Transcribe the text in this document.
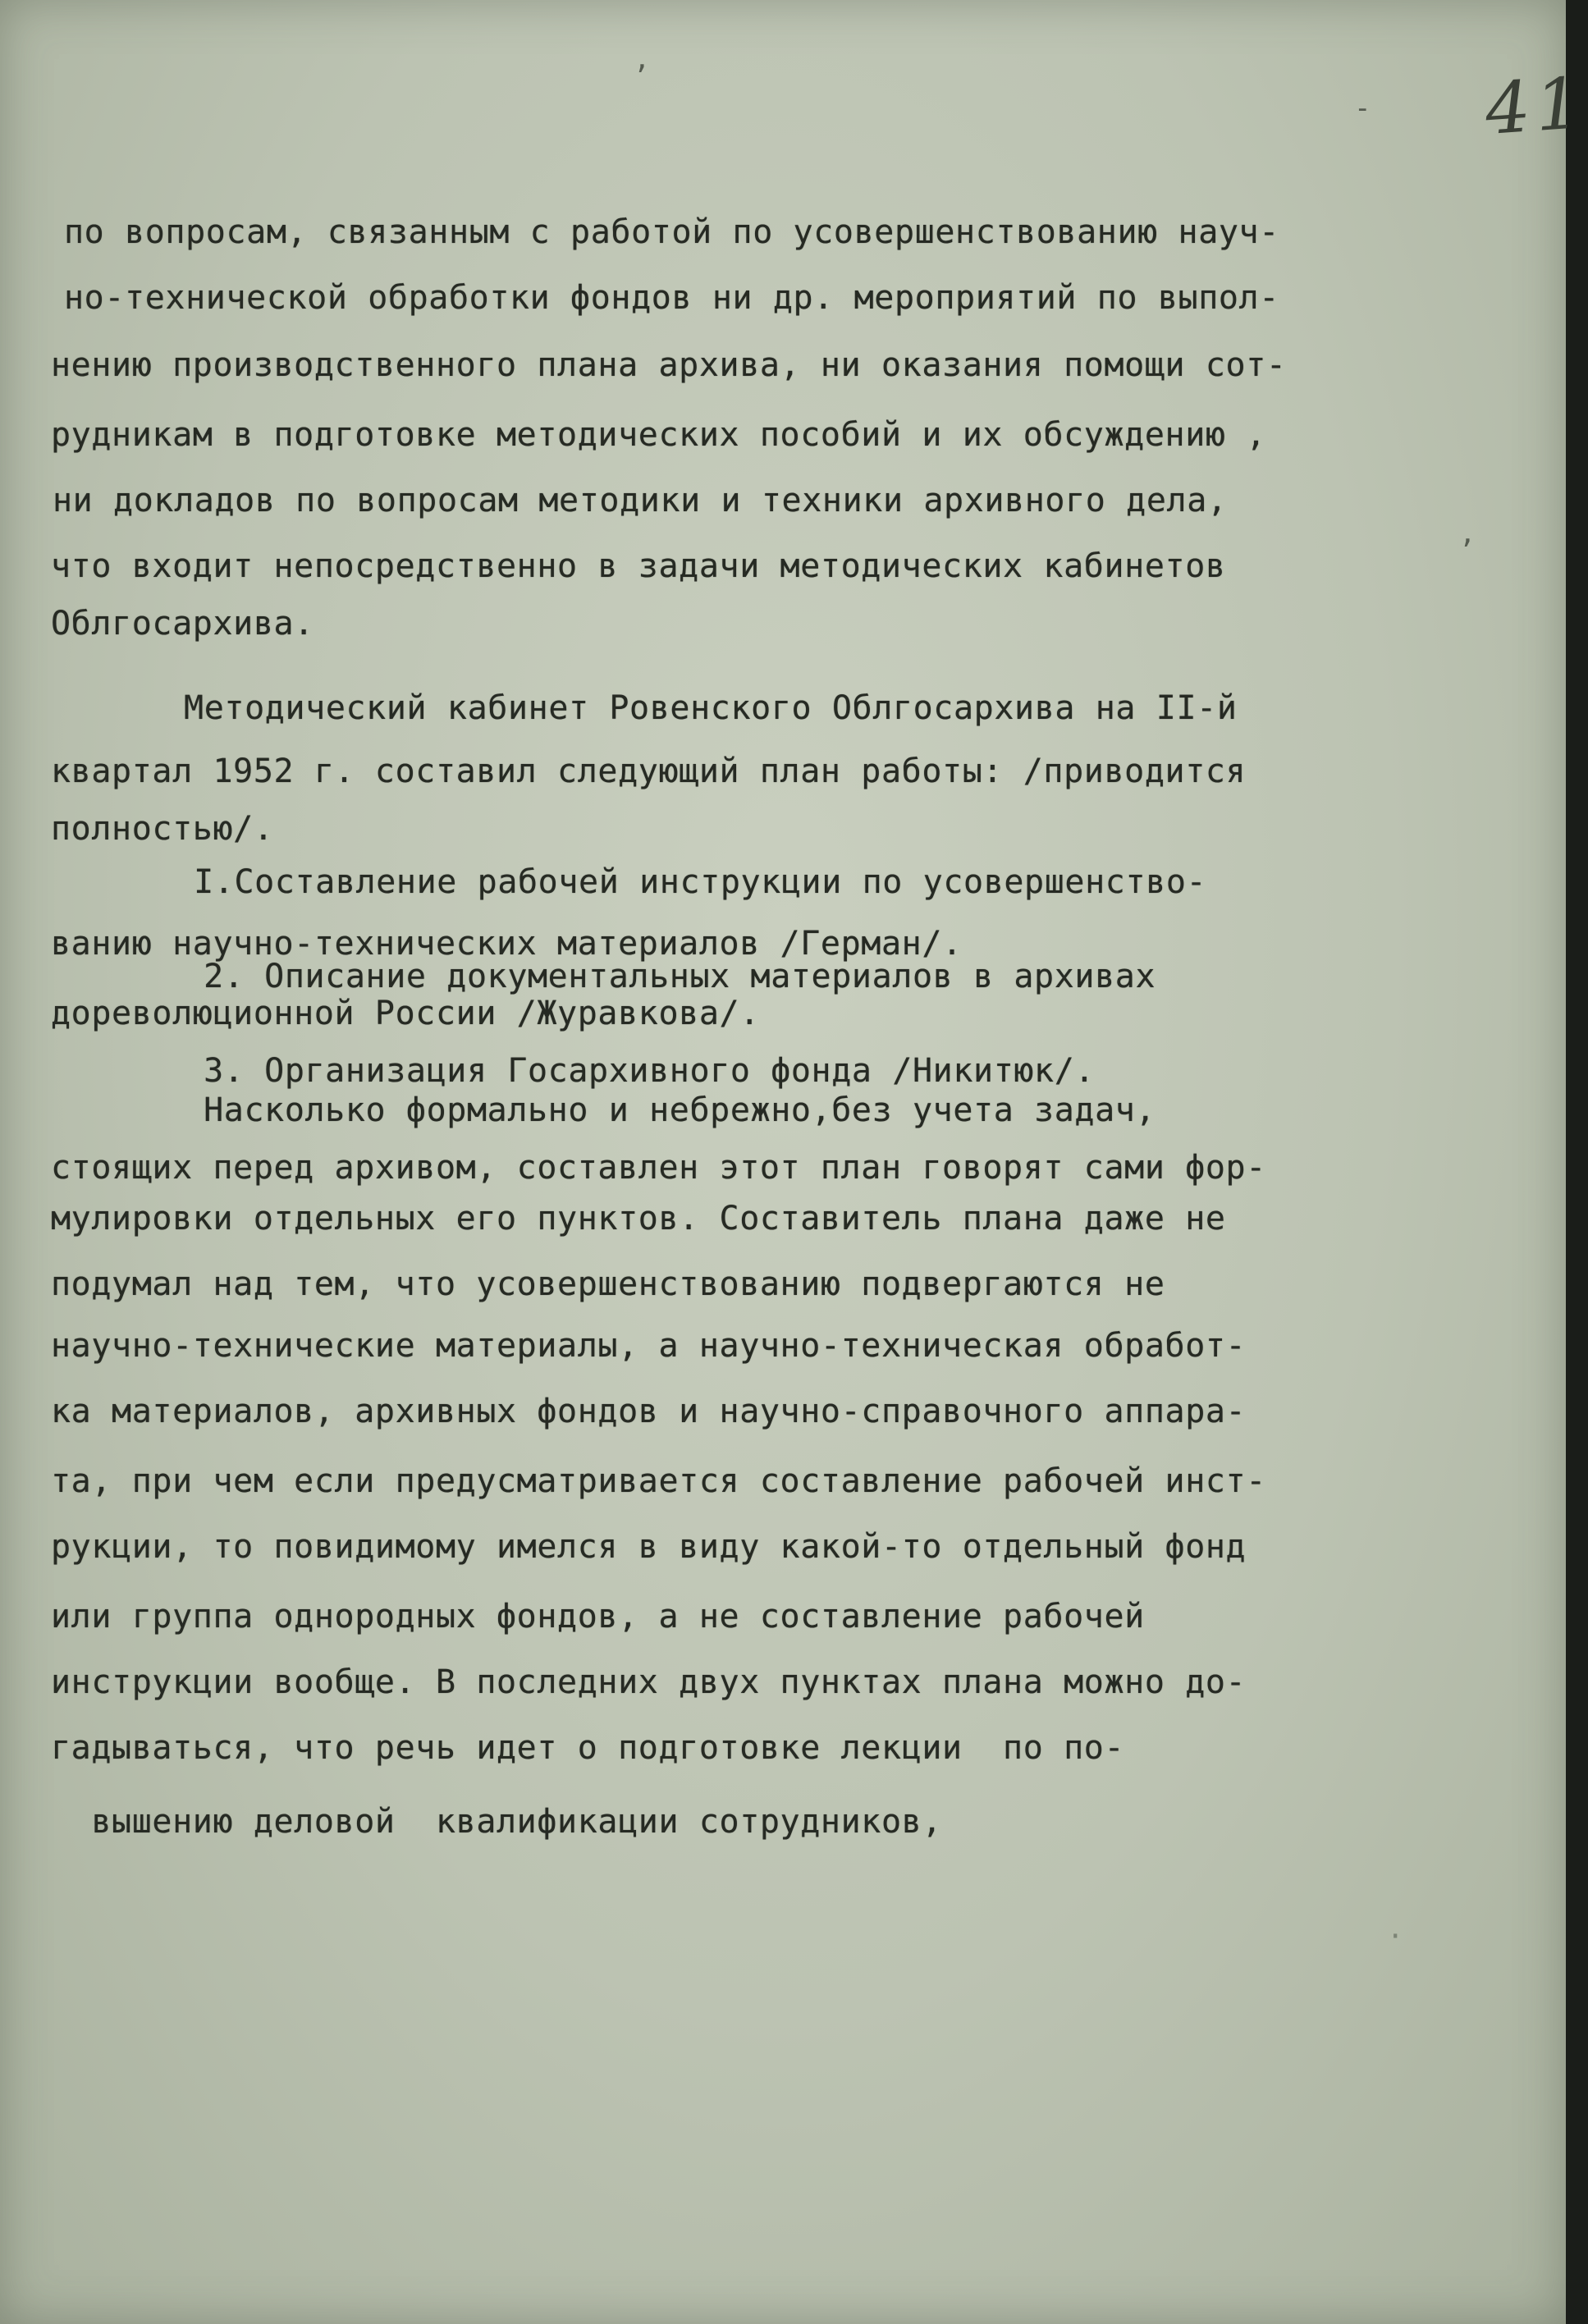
41
,
-
по вопросам, связанным с работой по усовершенствованию науч-
но-технической обработки фондов ни др. мероприятий по выпол-
нению производственного плана архива, ни оказания помощи сот-
рудникам в подготовке методических пособий и их обсуждению ,
ни докладов по вопросам методики и техники архивного дела,
что входит непосредственно в задачи методических кабинетов
Облгосархива.
Методический кабинет Ровенского Облгосархива на II-й
квартал 1952 г. составил следующий план работы: /приводится
полностью/.
I.Составление рабочей инструкции по усовершенство-
ванию научно-технических материалов /Герман/.
2. Описание документальных материалов в архивах
дореволюционной России /Журавкова/.
3. Организация Госархивного фонда /Никитюк/.
Насколько формально и небрежно,без учета задач,
стоящих перед архивом, составлен этот план говорят сами фор-
мулировки отдельных его пунктов. Составитель плана даже не
подумал над тем, что усовершенствованию подвергаются не
научно-технические материалы, а научно-техническая обработ-
ка материалов, архивных фондов и научно-справочного аппара-
та, при чем если предусматривается составление рабочей инст-
рукции, то повидимому имелся в виду какой-то отдельный фонд
или группа однородных фондов, а не составление рабочей
инструкции вообще. В последних двух пунктах плана можно до-
гадываться, что речь идет о подготовке лекции  по по-
вышению деловой  квалификации сотрудников,
,
·
